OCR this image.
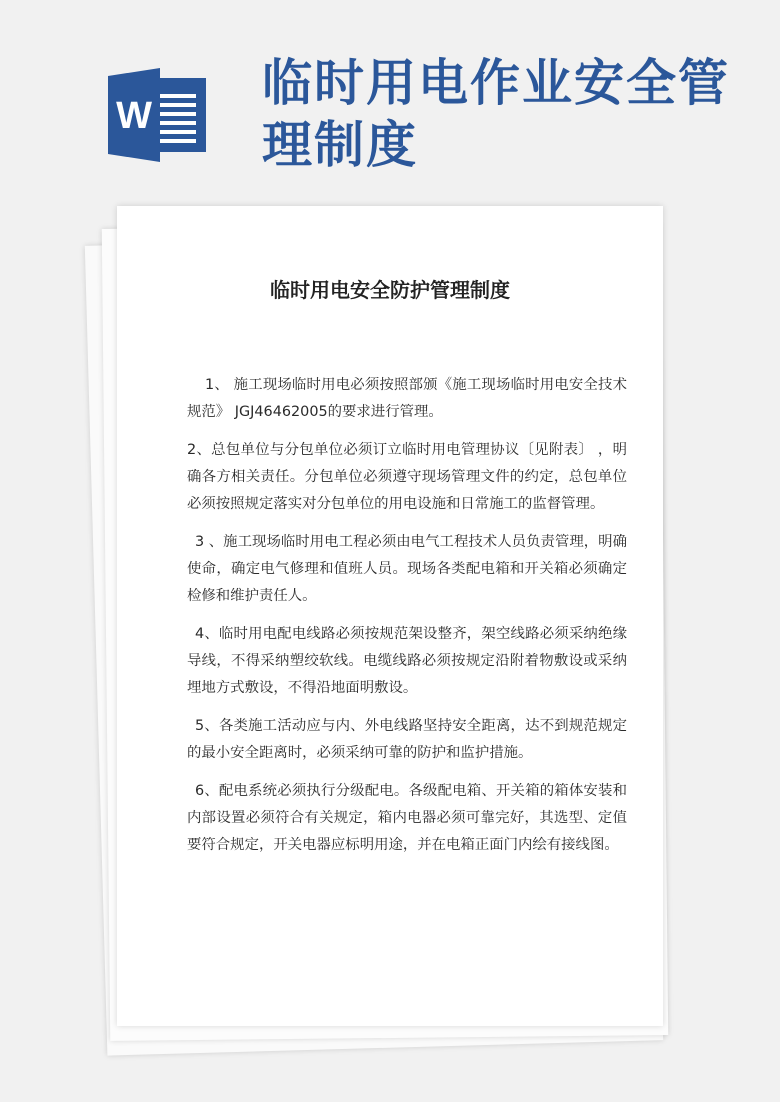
W
临时用电作业安全管理制度
临时用电安全防护管理制度

1、 施工现场临时用电必须按照部颁《施工现场临时用电安全技术规范》 JGJ46462005的要求进行管理。

2、总包单位与分包单位必须订立临时用电管理协议〔见附表〕 ，明确各方相关责任。分包单位必须遵守现场管理文件的约定，总包单位必须按照规定落实对分包单位的用电设施和日常施工的监督管理。

3 、施工现场临时用电工程必须由电气工程技术人员负责管理，明确使命，确定电气修理和值班人员。现场各类配电箱和开关箱必须确定检修和维护责任人。

4、临时用电配电线路必须按规范架设整齐，架空线路必须采纳绝缘导线，不得采纳塑绞软线。电缆线路必须按规定沿附着物敷设或采纳埋地方式敷设，不得沿地面明敷设。

5、各类施工活动应与内、外电线路坚持安全距离，达不到规范规定的最小安全距离时，必须采纳可靠的防护和监护措施。

6、配电系统必须执行分级配电。各级配电箱、开关箱的箱体安装和内部设置必须符合有关规定，箱内电器必须可靠完好，其选型、定值要符合规定，开关电器应标明用途，并在电箱正面门内绘有接线图。
